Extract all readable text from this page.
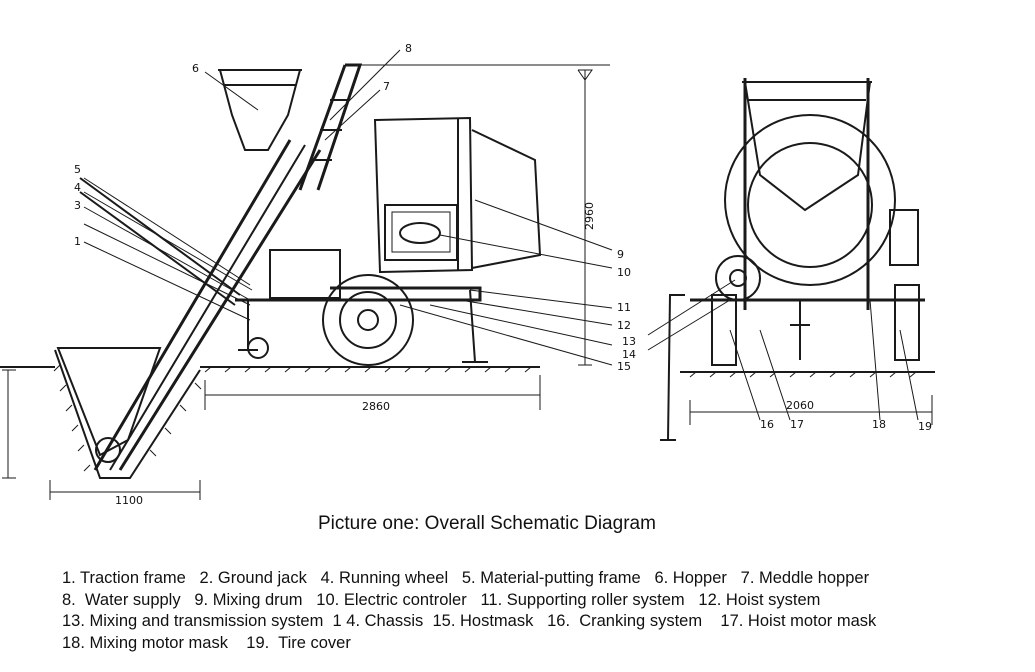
6
8
7
5
4
3
1
9
10
11
12
13
14
15
16 17	18	19
2960
2860
1100
2060
Picture one: Overall Schematic Diagram
1. Traction frame   2. Ground jack   4. Running wheel   5. Material-putting frame   6. Hopper   7. Meddle hopper
8.  Water supply   9. Mixing drum   10. Electric controler   11. Supporting roller system   12. Hoist system
13. Mixing and transmission system  1 4. Chassis  15. Hostmask   16.  Cranking system    17. Hoist motor mask
18. Mixing motor mask    19.  Tire cover
